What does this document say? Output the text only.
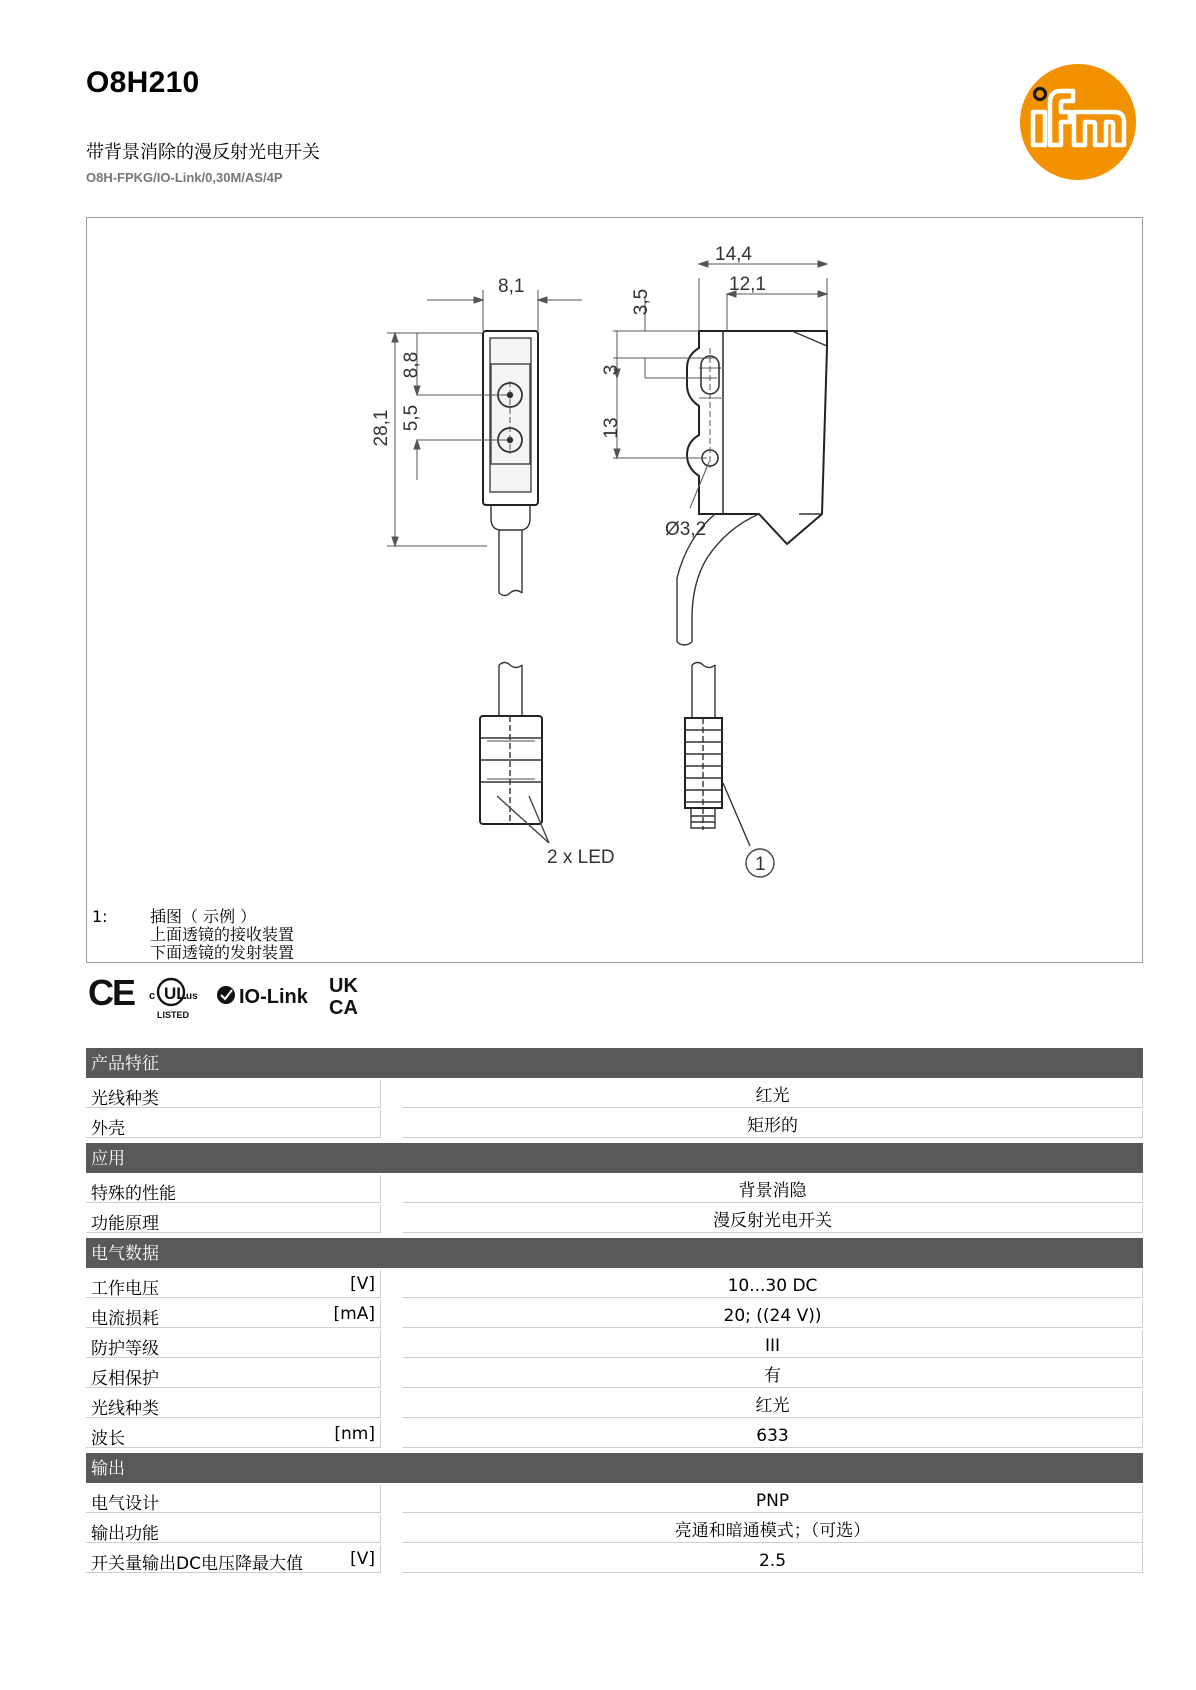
O8H210
带背景消除的漫反射光电开关
O8H-FPKG/IO-Link/0,30M/AS/4P
8,1
28,1
8,8
5,5
14,4
12,1
3,5
3
13
Ø3,2
2 x LED	1
1:	插图（ 示例 ）
上面透镜的接收装置
下面透镜的发射装置
CE UL
c	us
LISTED
IO-Link UK
CA
产品特征
光线种类	红光
外壳	矩形的
应用
特殊的性能	背景消隐
功能原理	漫反射光电开关
电气数据
工作电压	[V]	10...30 DC
电流损耗	[mA]	20; ((24 V))
防护等级	III
反相保护	有
光线种类	红光
波长	[nm]	633
输出
电气设计	PNP
输出功能	亮通和暗通模式；（可选）
开关量输出DC电压降最大值	[V]	2.5
